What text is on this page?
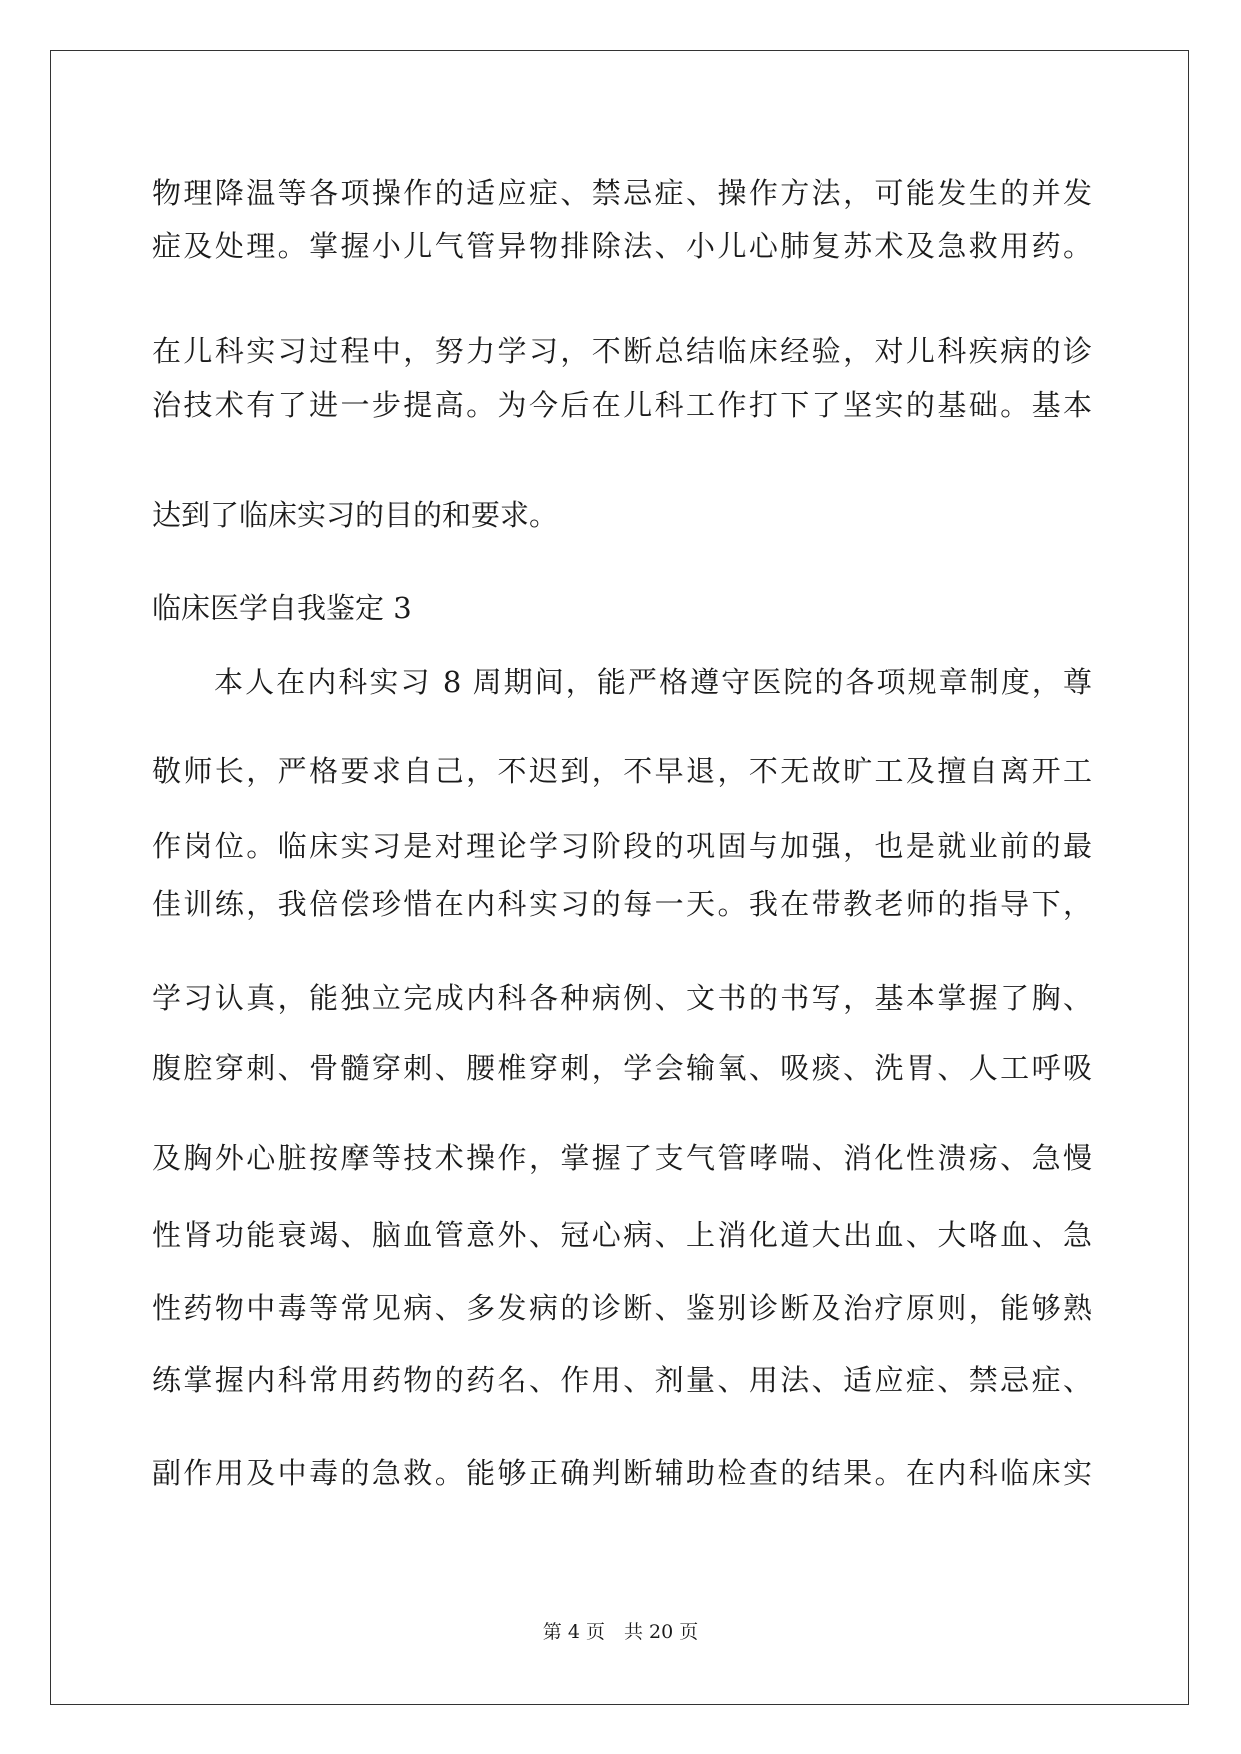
物理降温等各项操作的适应症、禁忌症、操作方法，可能发生的并发
症及处理。掌握小儿气管异物排除法、小儿心肺复苏术及急救用药。
在儿科实习过程中，努力学习，不断总结临床经验，对儿科疾病的诊
治技术有了进一步提高。为今后在儿科工作打下了坚实的基础。基本
达到了临床实习的目的和要求。
临床医学自我鉴定 3
本人在内科实习 8 周期间，能严格遵守医院的各项规章制度，尊
敬师长，严格要求自己，不迟到，不早退，不无故旷工及擅自离开工
作岗位。临床实习是对理论学习阶段的巩固与加强，也是就业前的最
佳训练，我倍偿珍惜在内科实习的每一天。我在带教老师的指导下，
学习认真，能独立完成内科各种病例、文书的书写，基本掌握了胸、
腹腔穿刺、骨髓穿刺、腰椎穿刺，学会输氧、吸痰、洗胃、人工呼吸
及胸外心脏按摩等技术操作，掌握了支气管哮喘、消化性溃疡、急慢
性肾功能衰竭、脑血管意外、冠心病、上消化道大出血、大咯血、急
性药物中毒等常见病、多发病的诊断、鉴别诊断及治疗原则，能够熟
练掌握内科常用药物的药名、作用、剂量、用法、适应症、禁忌症、
副作用及中毒的急救。能够正确判断辅助检查的结果。在内科临床实
第 4 页　共 20 页
